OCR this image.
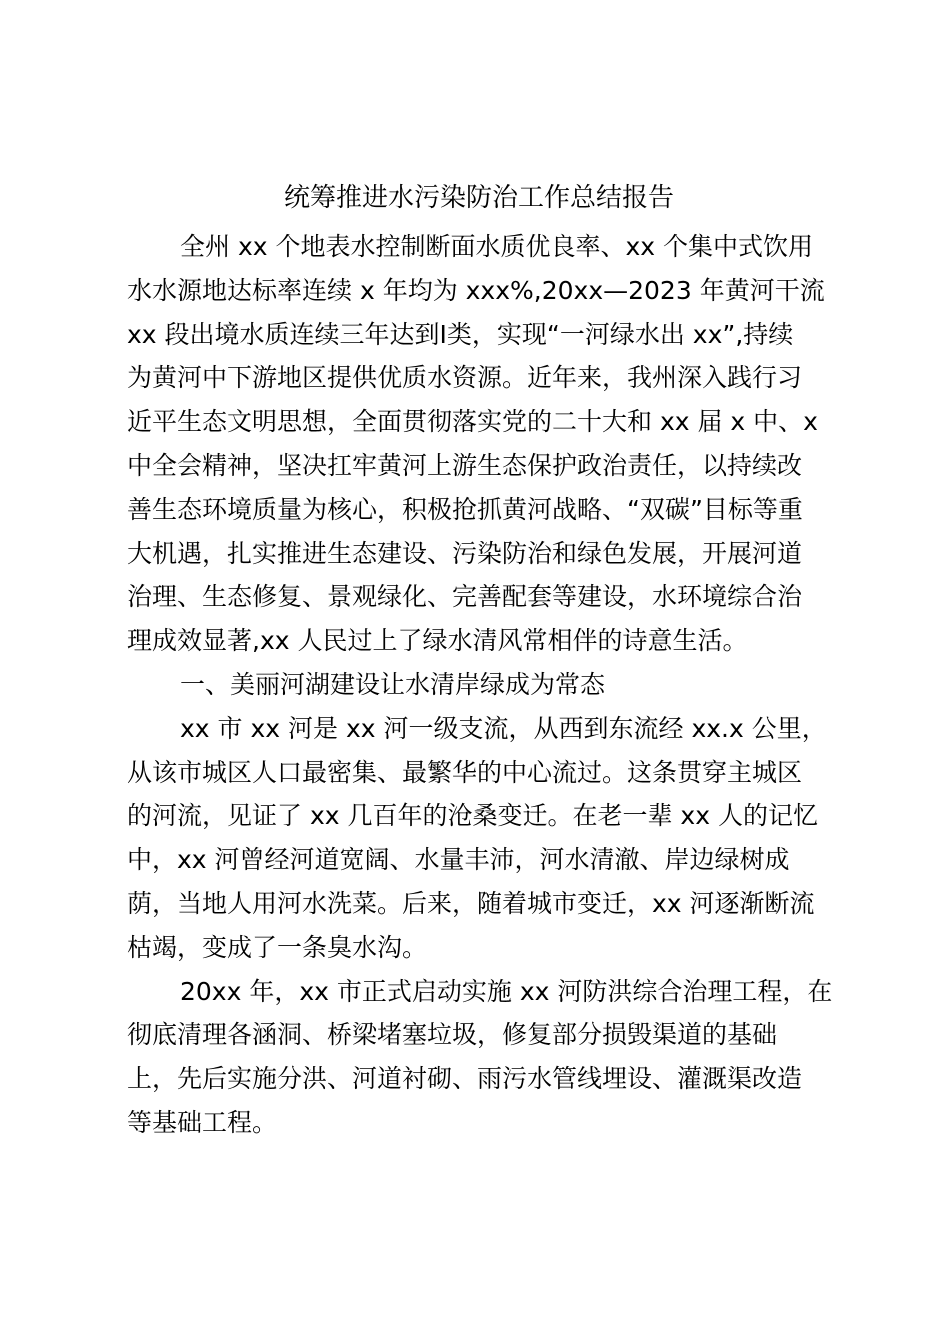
统筹推进水污染防治工作总结报告
全州 xx 个地表水控制断面水质优良率、xx 个集中式饮用
水水源地达标率连续 x 年均为 xxx%,20xx—2023 年黄河干流
xx 段出境水质连续三年达到Ⅰ类，实现“一河绿水出 xx”,持续
为黄河中下游地区提供优质水资源。近年来，我州深入践行习
近平生态文明思想，全面贯彻落实党的二十大和 xx 届 x 中、x
中全会精神，坚决扛牢黄河上游生态保护政治责任，以持续改
善生态环境质量为核心，积极抢抓黄河战略、“双碳”目标等重
大机遇，扎实推进生态建设、污染防治和绿色发展，开展河道
治理、生态修复、景观绿化、完善配套等建设，水环境综合治
理成效显著,xx 人民过上了绿水清风常相伴的诗意生活。
一、美丽河湖建设让水清岸绿成为常态
xx 市 xx 河是 xx 河一级支流，从西到东流经 xx.x 公里，
从该市城区人口最密集、最繁华的中心流过。这条贯穿主城区
的河流，见证了 xx 几百年的沧桑变迁。在老一辈 xx 人的记忆
中，xx 河曾经河道宽阔、水量丰沛，河水清澈、岸边绿树成
荫，当地人用河水洗菜。后来，随着城市变迁，xx 河逐渐断流
枯竭，变成了一条臭水沟。
20xx 年，xx 市正式启动实施 xx 河防洪综合治理工程，在
彻底清理各涵洞、桥梁堵塞垃圾，修复部分损毁渠道的基础
上，先后实施分洪、河道衬砌、雨污水管线埋设、灌溉渠改造
等基础工程。
